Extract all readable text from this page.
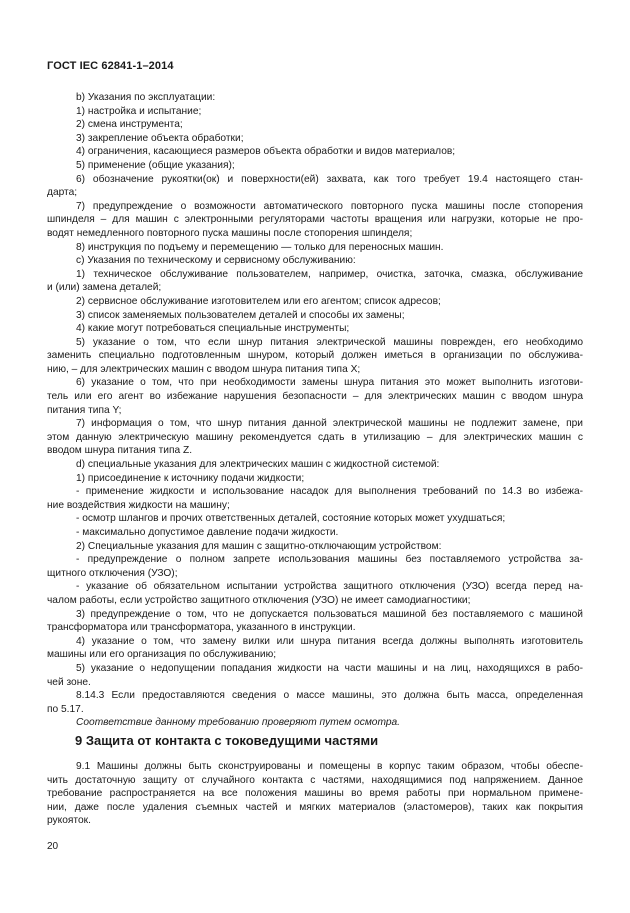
ГОСТ IEC 62841-1–2014
b) Указания по эксплуатации:
1) настройка и испытание;
2) смена инструмента;
3) закрепление объекта обработки;
4) ограничения, касающиеся размеров объекта обработки и видов материалов;
5) применение (общие указания);
6) обозначение рукоятки(ок) и поверхности(ей) захвата, как того требует 19.4 настоящего стан-
дарта;
7) предупреждение о возможности автоматического повторного пуска машины после стопорения
шпинделя – для машин с электронными регуляторами частоты вращения или нагрузки, которые не про-
водят немедленного повторного пуска машины после стопорения шпинделя;
8) инструкция по подъему и перемещению — только для переносных машин.
c) Указания по техническому и сервисному обслуживанию:
1) техническое обслуживание пользователем, например, очистка, заточка, смазка, обслуживание
и (или) замена деталей;
2) сервисное обслуживание изготовителем или его агентом; список адресов;
3) список заменяемых пользователем деталей и способы их замены;
4) какие могут потребоваться специальные инструменты;
5) указание о том, что если шнур питания электрической машины поврежден, его необходимо
заменить специально подготовленным шнуром, который должен иметься в организации по обслужива-
нию, – для электрических машин с вводом шнура питания типа X;
6) указание о том, что при необходимости замены шнура питания это может выполнить изготови-
тель или его агент во избежание нарушения безопасности – для электрических машин с вводом шнура
питания типа Y;
7) информация о том, что шнур питания данной электрической машины не подлежит замене, при
этом данную электрическую машину рекомендуется сдать в утилизацию – для электрических машин с
вводом шнура питания типа Z.
d) специальные указания для электрических машин с жидкостной системой:
1) присоединение к источнику подачи жидкости;
- применение жидкости и использование насадок для выполнения требований по 14.3 во избежа-
ние воздействия жидкости на машину;
- осмотр шлангов и прочих ответственных деталей, состояние которых может ухудшаться;
- максимально допустимое давление подачи жидкости.
2) Специальные указания для машин с защитно-отключающим устройством:
- предупреждение о полном запрете использования машины без поставляемого устройства за-
щитного отключения (УЗО);
- указание об обязательном испытании устройства защитного отключения (УЗО) всегда перед на-
чалом работы, если устройство защитного отключения (УЗО) не имеет самодиагностики;
3) предупреждение о том, что не допускается пользоваться машиной без поставляемого с машиной
трансформатора или трансформатора, указанного в инструкции.
4) указание о том, что замену вилки или шнура питания всегда должны выполнять изготовитель
машины или его организация по обслуживанию;
5) указание о недопущении попадания жидкости на части машины и на лиц, находящихся в рабо-
чей зоне.
8.14.3 Если предоставляются сведения о массе машины, это должна быть масса, определенная
по 5.17.
Соответствие данному требованию проверяют путем осмотра.
9 Защита от контакта с токоведущими частями
9.1 Машины должны быть сконструированы и помещены в корпус таким образом, чтобы обеспе-
чить достаточную защиту от случайного контакта с частями, находящимися под напряжением. Данное
требование распространяется на все положения машины во время работы при нормальном примене-
нии, даже после удаления съемных частей и мягких материалов (эластомеров), таких как покрытия
рукояток.
20
